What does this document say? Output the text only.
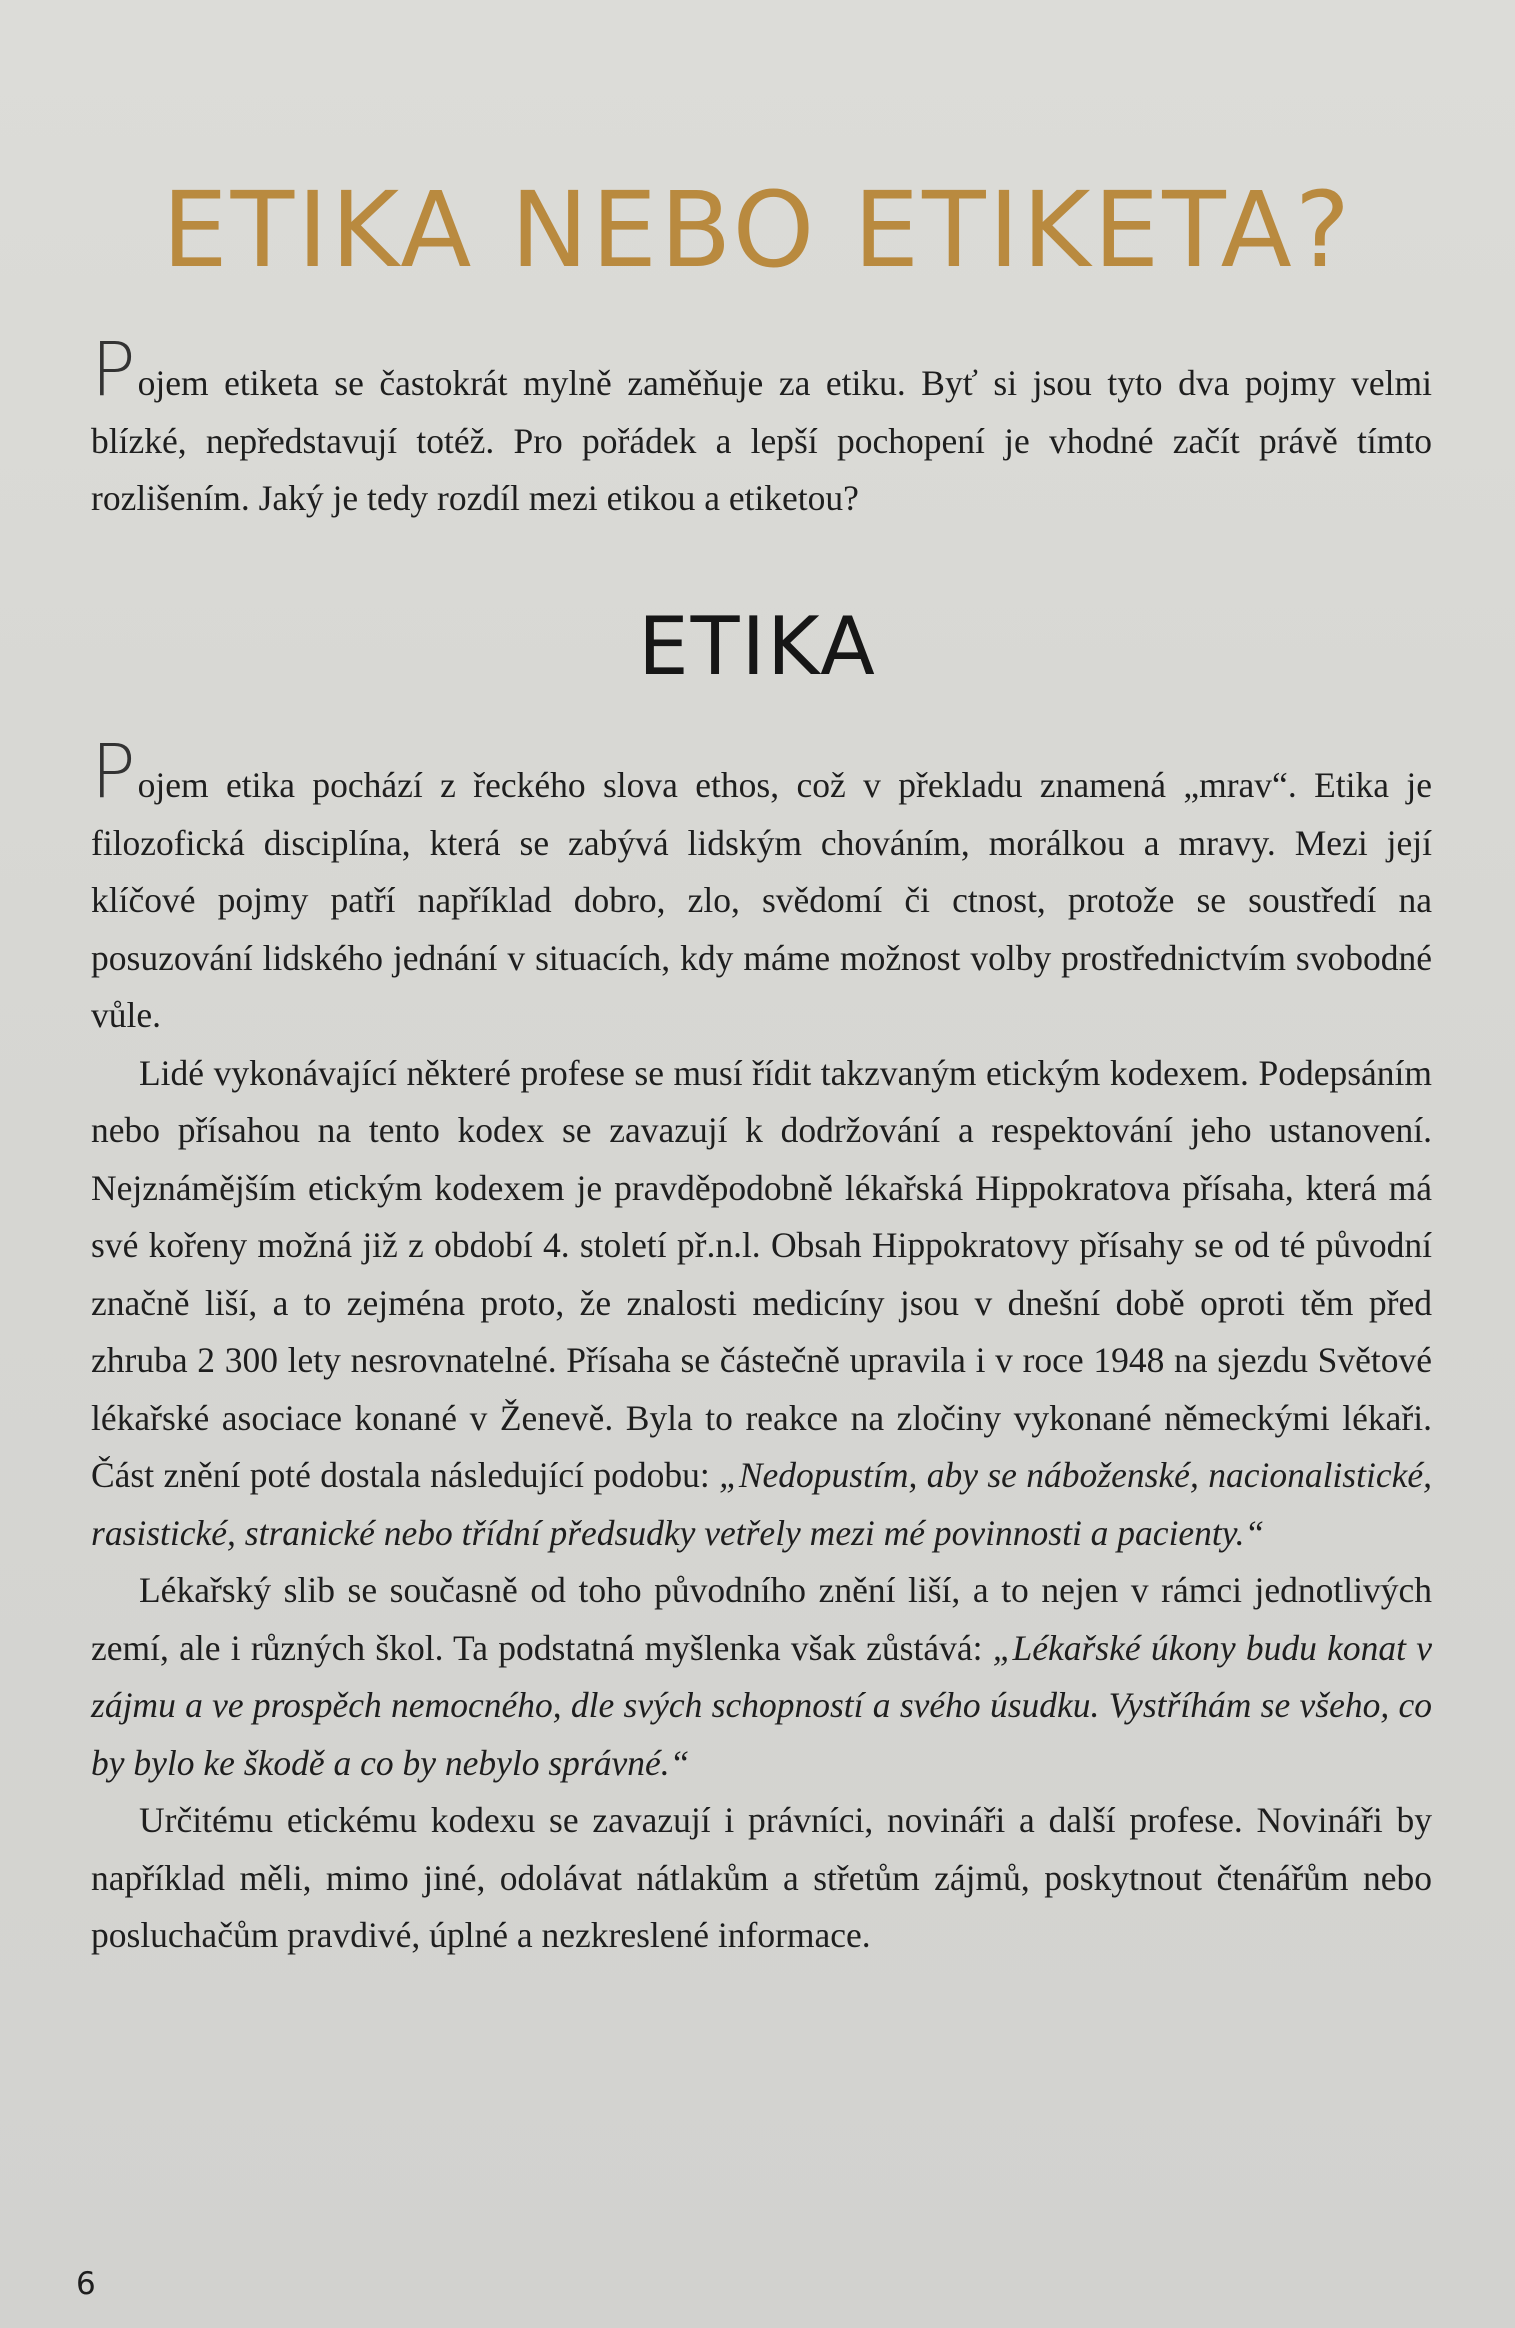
ETIKA NEBO ETIKETA?

Pojem etiketa se častokrát mylně zaměňuje za etiku. Byť si jsou tyto dva pojmy velmi blízké, nepředstavují totéž. Pro pořádek a lepší pochopení je vhodné začít právě tímto rozlišením. Jaký je tedy rozdíl mezi etikou a etiketou?

ETIKA

Pojem etika pochází z řeckého slova ethos, což v překladu znamená „mrav“. Etika je filozofická disciplína, která se zabývá lidským chováním, morálkou a mravy. Mezi její klíčové pojmy patří například dobro, zlo, svědomí či ctnost, protože se soustředí na posuzování lidského jednání v situacích, kdy máme možnost volby prostřednictvím svobodné vůle.

Lidé vykonávající některé profese se musí řídit takzvaným etickým kodexem. Podepsáním nebo přísahou na tento kodex se zavazují k dodržování a respektování jeho ustanovení. Nejznámějším etickým kodexem je pravděpodobně lékařská Hippokratova přísaha, která má své kořeny možná již z období 4. století př.n.l. Obsah Hippokratovy přísahy se od té původní značně liší, a to zejména proto, že znalosti medicíny jsou v dnešní době oproti těm před zhruba 2 300 lety nesrovnatelné. Přísaha se částečně upravila i v roce 1948 na sjezdu Světové lékařské asociace konané v Ženevě. Byla to reakce na zločiny vykonané německými lékaři. Část znění poté dostala následující podobu: „Nedopustím, aby se náboženské, nacionalistické, rasistické, stranické nebo třídní předsudky vetřely mezi mé povinnosti a pacienty.“

Lékařský slib se současně od toho původního znění liší, a to nejen v rámci jednotlivých zemí, ale i různých škol. Ta podstatná myšlenka však zůstává: „Lékařské úkony budu konat v zájmu a ve prospěch nemocného, dle svých schopností a svého úsudku. Vystříhám se všeho, co by bylo ke škodě a co by nebylo správné.“

Určitému etickému kodexu se zavazují i právníci, novináři a další profese. Novináři by například měli, mimo jiné, odolávat nátlakům a střetům zájmů, poskytnout čtenářům nebo posluchačům pravdivé, úplné a nezkreslené informace.

6
